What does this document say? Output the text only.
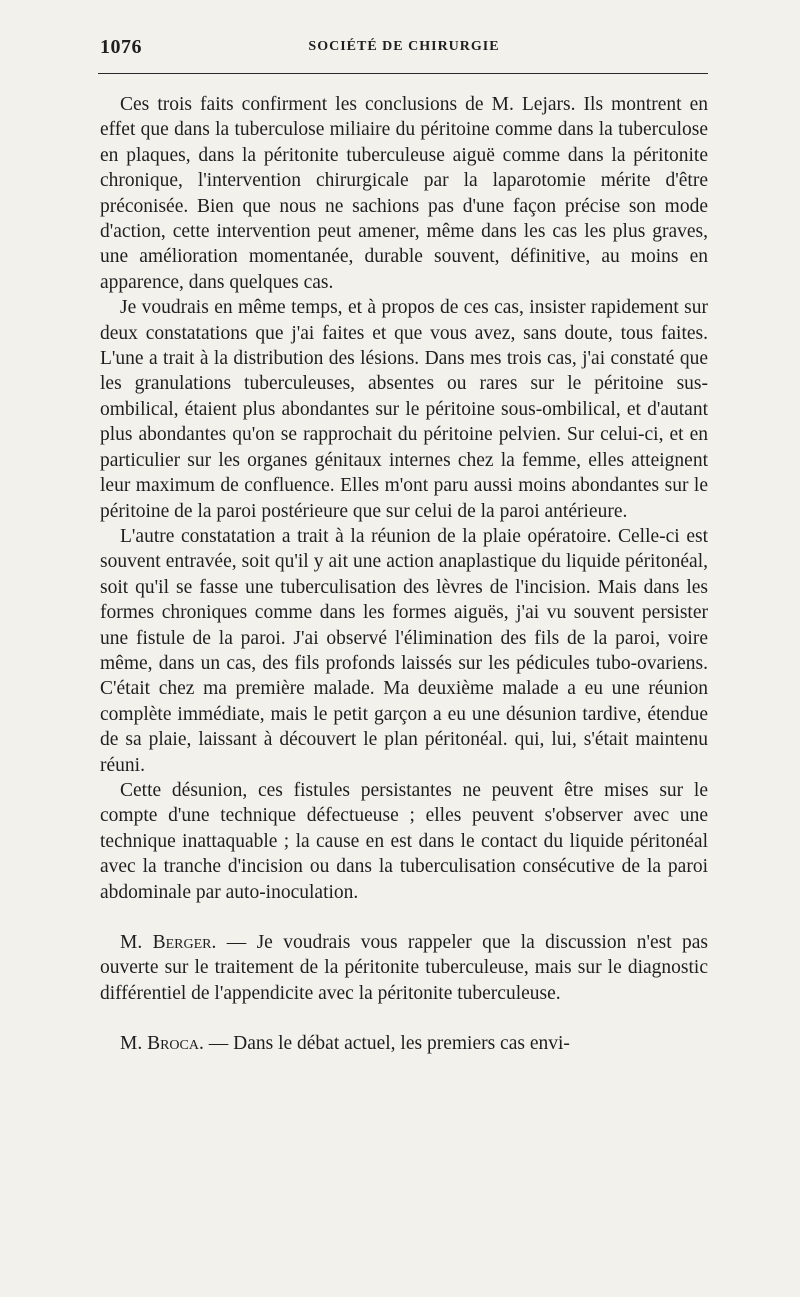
1076	SOCIÉTÉ DE CHIRURGIE

Ces trois faits confirment les conclusions de M. Lejars. Ils montrent en effet que dans la tuberculose miliaire du péritoine comme dans la tuberculose en plaques, dans la péritonite tuberculeuse aiguë comme dans la péritonite chronique, l'intervention chirurgicale par la laparotomie mérite d'être préconisée. Bien que nous ne sachions pas d'une façon précise son mode d'action, cette intervention peut amener, même dans les cas les plus graves, une amélioration momentanée, durable souvent, définitive, au moins en apparence, dans quelques cas.

Je voudrais en même temps, et à propos de ces cas, insister rapidement sur deux constatations que j'ai faites et que vous avez, sans doute, tous faites. L'une a trait à la distribution des lésions. Dans mes trois cas, j'ai constaté que les granulations tuberculeuses, absentes ou rares sur le péritoine sus-ombilical, étaient plus abondantes sur le péritoine sous-ombilical, et d'autant plus abondantes qu'on se rapprochait du péritoine pelvien. Sur celui-ci, et en particulier sur les organes génitaux internes chez la femme, elles atteignent leur maximum de confluence. Elles m'ont paru aussi moins abondantes sur le péritoine de la paroi postérieure que sur celui de la paroi antérieure.

L'autre constatation a trait à la réunion de la plaie opératoire. Celle-ci est souvent entravée, soit qu'il y ait une action anaplastique du liquide péritonéal, soit qu'il se fasse une tuberculisation des lèvres de l'incision. Mais dans les formes chroniques comme dans les formes aiguës, j'ai vu souvent persister une fistule de la paroi. J'ai observé l'élimination des fils de la paroi, voire même, dans un cas, des fils profonds laissés sur les pédicules tubo-ovariens. C'était chez ma première malade. Ma deuxième malade a eu une réunion complète immédiate, mais le petit garçon a eu une désunion tardive, étendue de sa plaie, laissant à découvert le plan péritonéal. qui, lui, s'était maintenu réuni.

Cette désunion, ces fistules persistantes ne peuvent être mises sur le compte d'une technique défectueuse ; elles peuvent s'observer avec une technique inattaquable ; la cause en est dans le contact du liquide péritonéal avec la tranche d'incision ou dans la tuberculisation consécutive de la paroi abdominale par auto-inoculation.

M. Berger. — Je voudrais vous rappeler que la discussion n'est pas ouverte sur le traitement de la péritonite tuberculeuse, mais sur le diagnostic différentiel de l'appendicite avec la péritonite tuberculeuse.

M. Broca. — Dans le débat actuel, les premiers cas envi-
